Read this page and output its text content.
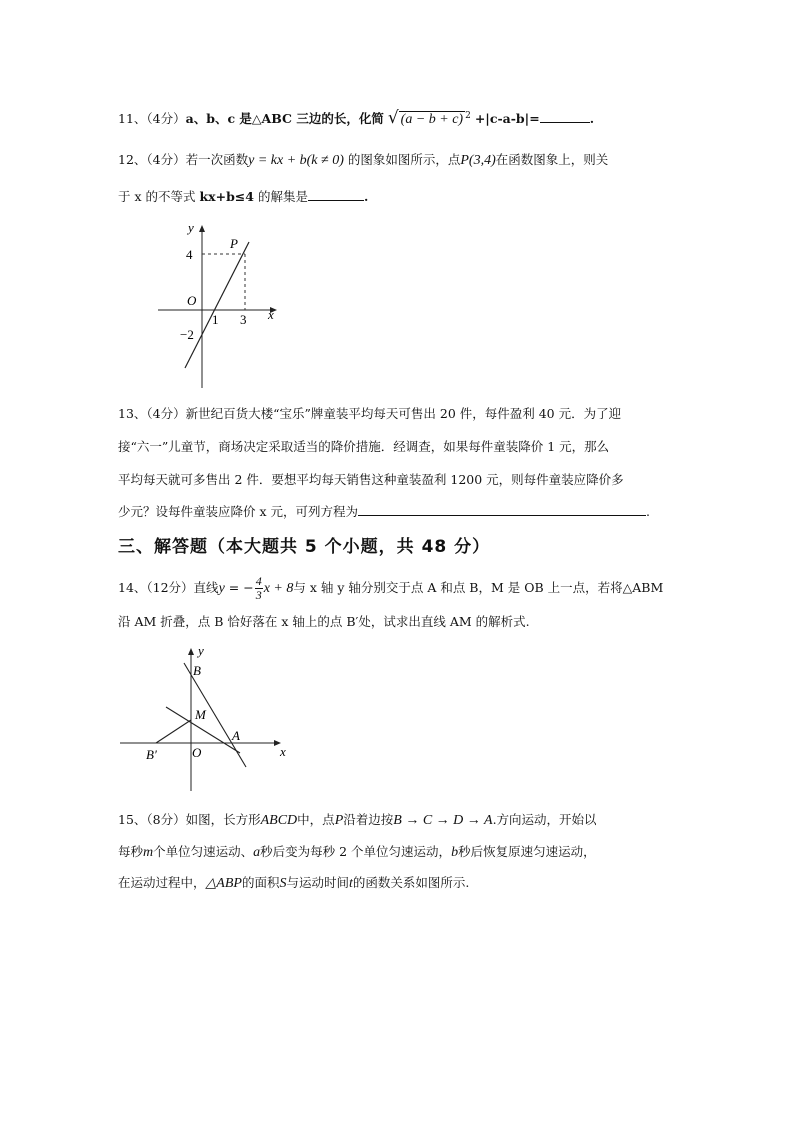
11、（4分）a、b、c 是△ABC 三边的长，化简 √ (a − b + c) $^2$ +|c-a-b|=	.
12、（4分）若一次函数y = kx + b(k ≠ 0) 的图象如图所示，点P(3,4)在函数图象上，则关
于 x 的不等式 kx+b≤4 的解集是	.
y
P
4
O
1 3 x
−2
13、（4分）新世纪百货大楼“宝乐”牌童装平均每天可售出 20 件，每件盈利 40 元．为了迎
接“六一”儿童节，商场决定采取适当的降价措施．经调查，如果每件童装降价 1 元，那么
平均每天就可多售出 2 件．要想平均每天销售这种童装盈利 1200 元，则每件童装应降价多
少元？设每件童装应降价 x 元，可列方程为	.
三、解答题（本大题共 5 个小题，共 48 分）
14、（12分）直线y = − $\frac{4}{3}$ x + 8与 x 轴 y 轴分别交于点 A 和点 B，M 是 OB 上一点，若将△ABM
沿 AM 折叠，点 B 恰好落在 x 轴上的点 B′处，试求出直线 AM 的解析式.
y
B
M
A
B′	O	x
15、（8分）如图，长方形ABCD中，点P沿着边按B → C → D → A.方向运动，开始以
每秒m个单位匀速运动、a秒后变为每秒 2 个单位匀速运动，b秒后恢复原速匀速运动，
在运动过程中，△ABP的面积S与运动时间t的函数关系如图所示.
